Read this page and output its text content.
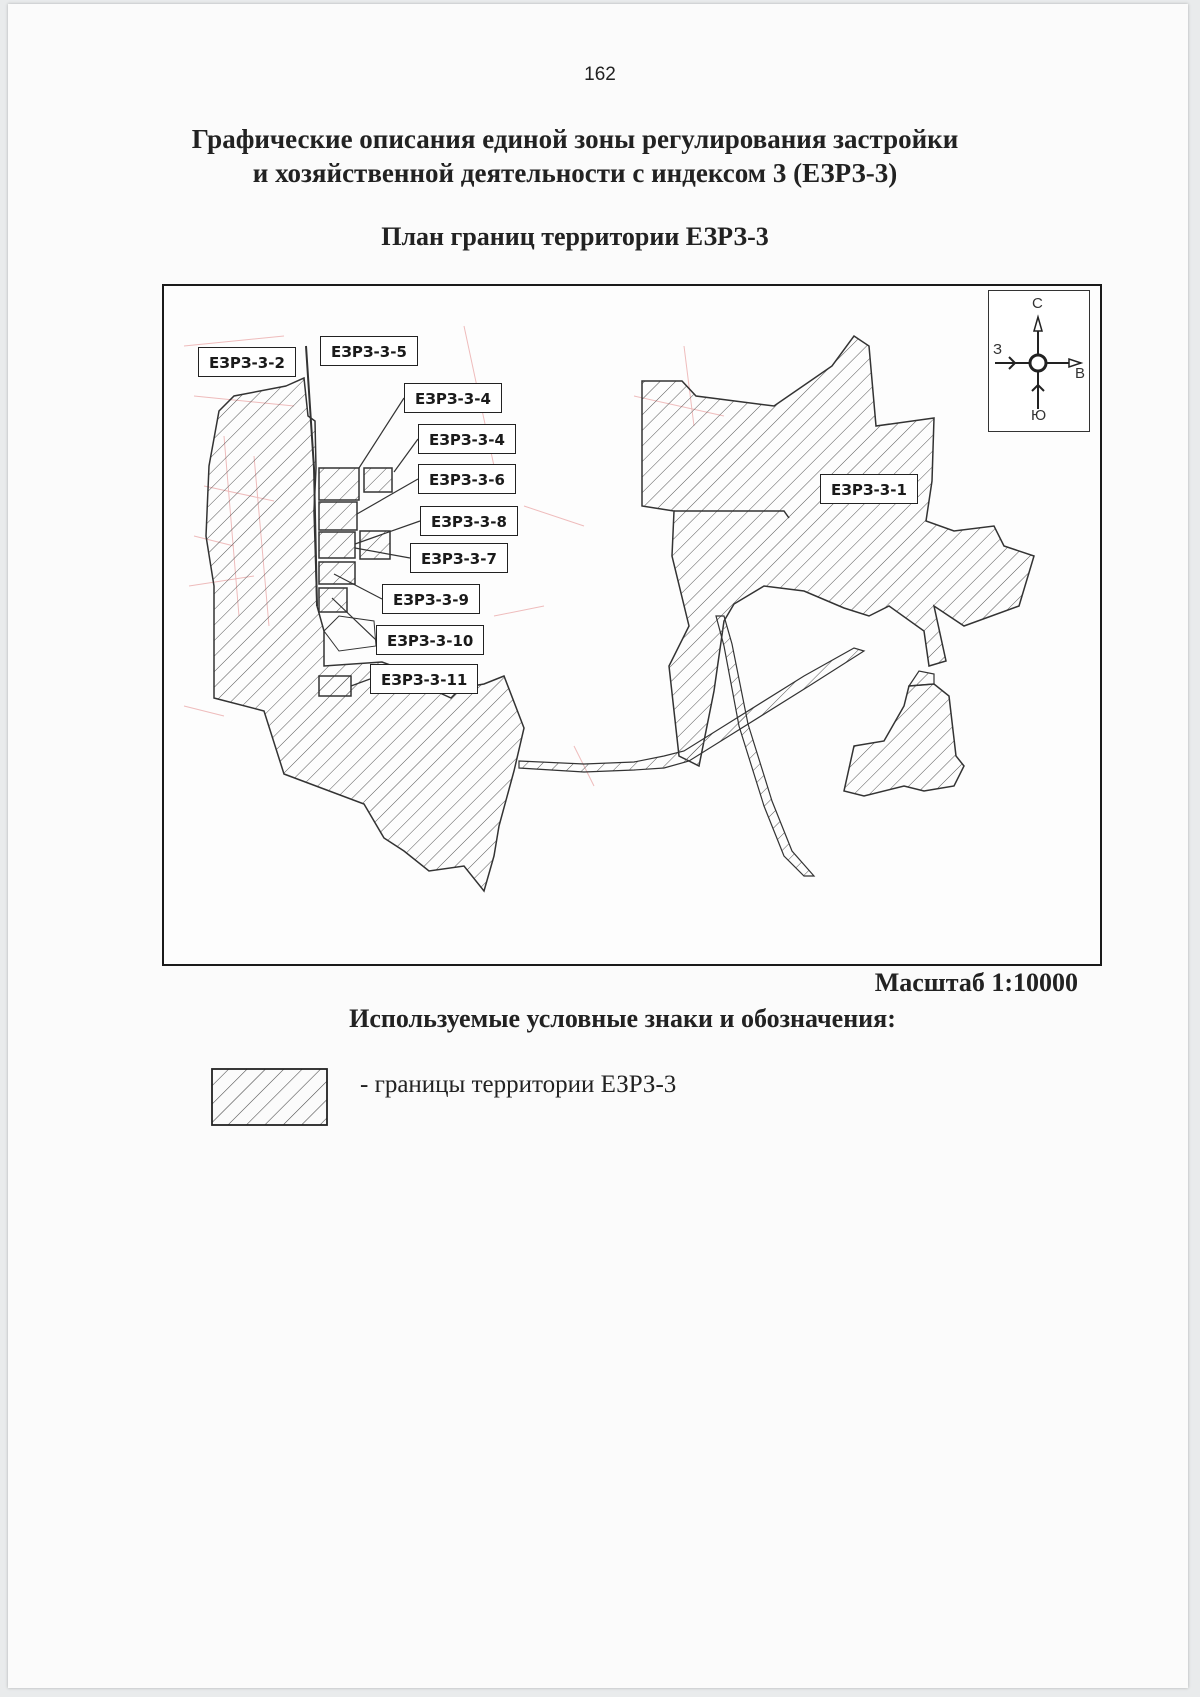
162
Графические описания единой зоны регулирования застройки
и хозяйственной деятельности с индексом 3 (ЕЗРЗ-3)
План границ территории ЕЗРЗ-3
ЕЗРЗ-3-2
ЕЗРЗ-3-5
ЕЗРЗ-3-4
ЕЗРЗ-3-4
ЕЗРЗ-3-6
ЕЗРЗ-3-8
ЕЗРЗ-3-7
ЕЗРЗ-3-9
ЕЗРЗ-3-10
ЕЗРЗ-3-11
ЕЗРЗ-3-1
С
Ю
З
В
Масштаб 1:10000
Используемые условные знаки и обозначения:
- границы территории ЕЗРЗ-3
